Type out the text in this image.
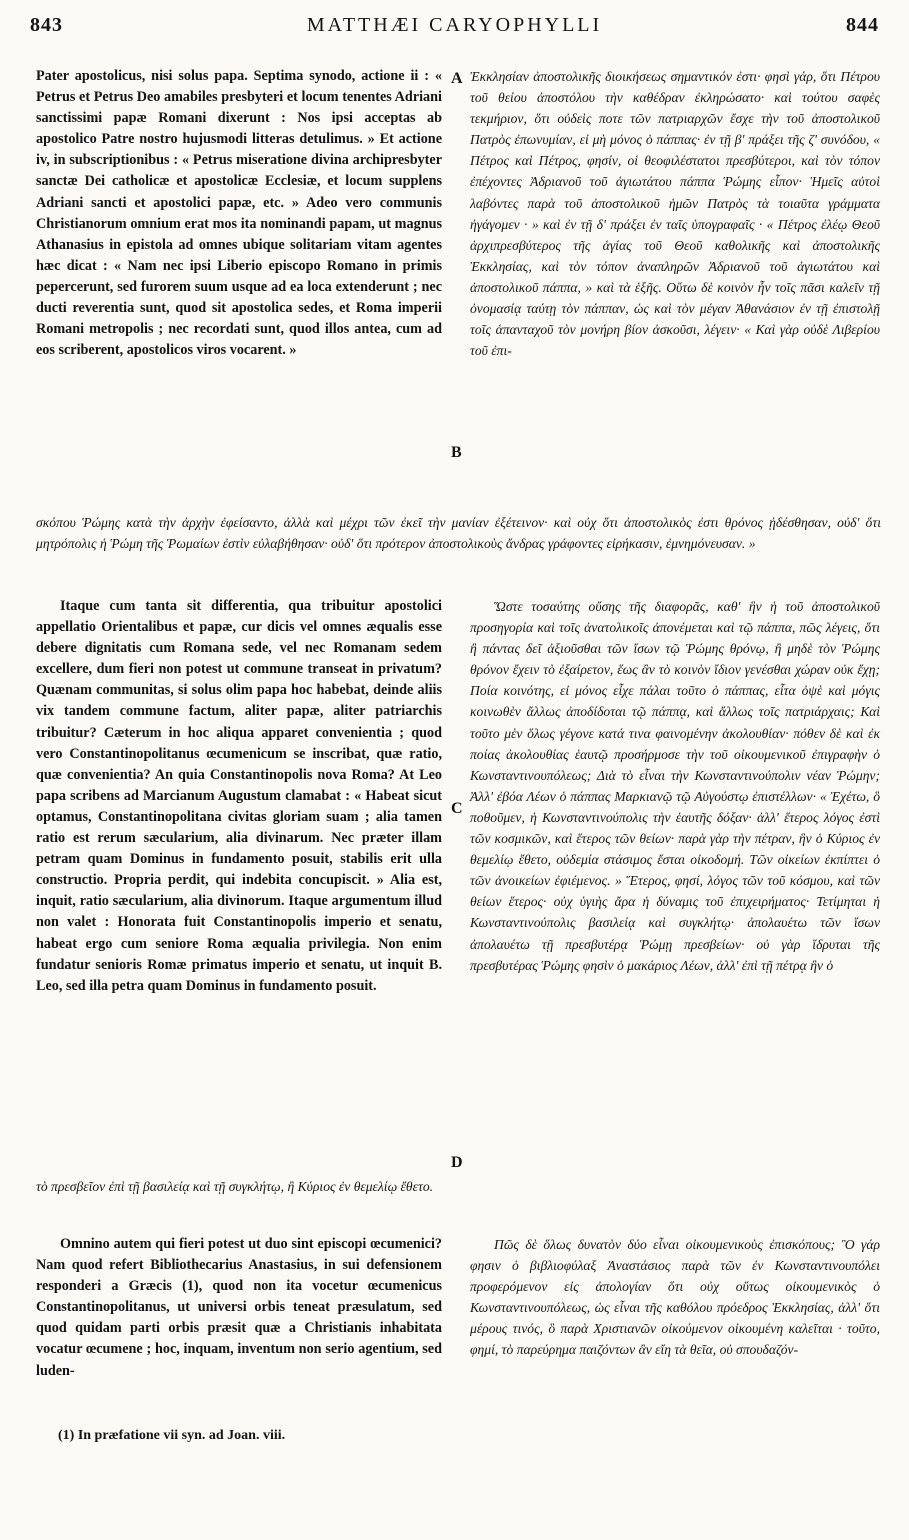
843	MATTHÆI CARYOPHYLLI	844
A
B
C
D

Pater apostolicus, nisi solus papa. Septima synodo, actione ii : « Petrus et Petrus Deo amabiles presbyteri et locum tenentes Adriani sanctissimi papæ Romani dixerunt : Nos ipsi acceptas ab apostolico Patre nostro hujusmodi litteras detulimus. » Et actione iv, in subscriptionibus : « Petrus miseratione divina archipresbyter sanctæ Dei catholicæ et apostolicæ Ecclesiæ, et locum supplens Adriani sancti et apostolici papæ, etc. » Adeo vero communis Christianorum omnium erat mos ita nominandi papam, ut magnus Athanasius in epistola ad omnes ubique solitariam vitam agentes hæc dicat : « Nam nec ipsi Liberio episcopo Romano in primis pepercerunt, sed furorem suum usque ad ea loca extenderunt ; nec ducti reverentia sunt, quod sit apostolica sedes, et Roma imperii Romani metropolis ; nec recordati sunt, quod illos antea, cum ad eos scriberent, apostolicos viros vocarent. »

Ἐκκλησίαν ἀποστολικῆς διοικήσεως σημαντικόν ἐστι· φησὶ γάρ, ὅτι Πέτρου τοῦ θείου ἀποστόλου τὴν καθέδραν ἐκληρώσατο· καὶ τούτου σαφὲς τεκμήριον, ὅτι οὐδεὶς ποτε τῶν πατριαρχῶν ἔσχε τὴν τοῦ ἀποστολικοῦ Πατρὸς ἐπωνυμίαν, εἰ μὴ μόνος ὁ πάππας· ἐν τῇ β' πράξει τῆς ζ' συνόδου, « Πέτρος καὶ Πέτρος, φησίν, οἱ θεοφιλέστατοι πρεσβύτεροι, καὶ τὸν τόπον ἐπέχοντες Ἀδριανοῦ τοῦ ἁγιωτάτου πάππα Ῥώμης εἶπον· Ἡμεῖς αὐτοὶ λαβόντες παρὰ τοῦ ἀποστολικοῦ ἡμῶν Πατρὸς τὰ τοιαῦτα γράμματα ἠγάγομεν · » καὶ ἐν τῇ δ' πράξει ἐν ταῖς ὑπογραφαῖς · « Πέτρος ἐλέῳ Θεοῦ ἀρχιπρεσβύτερος τῆς ἁγίας τοῦ Θεοῦ καθολικῆς καὶ ἀποστολικῆς Ἐκκλησίας, καὶ τὸν τόπον ἀναπληρῶν Ἀδριανοῦ τοῦ ἁγιωτάτου καὶ ἀποστολικοῦ πάππα, » καὶ τὰ ἑξῆς. Οὕτω δὲ κοινὸν ἦν τοῖς πᾶσι καλεῖν τῇ ὀνομασίᾳ ταύτῃ τὸν πάππαν, ὡς καὶ τὸν μέγαν Ἀθανάσιον ἐν τῇ ἐπιστολῇ τοῖς ἁπανταχοῦ τὸν μονήρη βίον ἀσκοῦσι, λέγειν· « Καὶ γὰρ οὐδὲ Λιβερίου τοῦ ἐπι-

σκόπου Ῥώμης κατὰ τὴν ἀρχὴν ἐφείσαντο, ἀλλὰ καὶ μέχρι τῶν ἐκεῖ τὴν μανίαν ἐξέτεινον· καὶ οὐχ ὅτι ἀποστολικὸς ἐστι θρόνος ᾐδέσθησαν, οὐδ' ὅτι μητρόπολις ἡ Ῥώμη τῆς Ῥωμαίων ἐστὶν εὐλαβήθησαν· οὐδ' ὅτι πρότερον ἀποστολικοὺς ἄνδρας γράφοντες εἰρήκασιν, ἐμνημόνευσαν. »

Itaque cum tanta sit differentia, qua tribuitur apostolici appellatio Orientalibus et papæ, cur dicis vel omnes æqualis esse debere dignitatis cum Romana sede, vel nec Romanam sedem excellere, dum fieri non potest ut commune transeat in privatum? Quænam communitas, si solus olim papa hoc habebat, deinde aliis vix tandem commune factum, aliter papæ, aliter patriarchis tribuitur? Cæterum in hoc aliqua apparet convenientia ; quod vero Constantinopolitanus œcumenicum se inscribat, quæ ratio, quæ convenientia? An quia Constantinopolis nova Roma? At Leo papa scribens ad Marcianum Augustum clamabat : « Habeat sicut optamus, Constantinopolitana civitas gloriam suam ; alia tamen ratio est rerum sæcularium, alia divinarum. Nec præter illam petram quam Dominus in fundamento posuit, stabilis erit ulla constructio. Propria perdit, qui indebita concupiscit. » Alia est, inquit, ratio sæcularium, alia divinorum. Itaque argumentum illud non valet : Honorata fuit Constantinopolis imperio et senatu, habeat ergo cum seniore Roma æqualia privilegia. Non enim fundatur senioris Romæ primatus imperio et senatu, ut inquit B. Leo, sed illa petra quam Dominus in fundamento posuit.

Ὥστε τοσαύτης οὔσης τῆς διαφορᾶς, καθ' ἣν ἡ τοῦ ἀποστολικοῦ προσηγορία καὶ τοῖς ἀνατολικοῖς ἀπονέμεται καὶ τῷ πάππα, πῶς λέγεις, ὅτι ἢ πάντας δεῖ ἀξιοῦσθαι τῶν ἴσων τῷ Ῥώμης θρόνῳ, ἢ μηδὲ τὸν Ῥώμης θρόνον ἔχειν τὸ ἐξαίρετον, ἕως ἂν τὸ κοινὸν ἴδιον γενέσθαι χώραν οὐκ ἔχῃ; Ποία κοινότης, εἰ μόνος εἶχε πάλαι τοῦτο ὁ πάππας, εἶτα ὀψὲ καὶ μόγις κοινωθὲν ἄλλως ἀποδίδοται τῷ πάππᾳ, καὶ ἄλλως τοῖς πατριάρχαις; Καὶ τοῦτο μὲν ὅλως γέγονε κατά τινα φαινομένην ἀκολουθίαν· πόθεν δὲ καὶ ἐκ ποίας ἀκολουθίας ἑαυτῷ προσήρμοσε τὴν τοῦ οἰκουμενικοῦ ἐπιγραφὴν ὁ Κωνσταντινουπόλεως; Διὰ τὸ εἶναι τὴν Κωνσταντινούπολιν νέαν Ῥώμην; Ἀλλ' ἐβόα Λέων ὁ πάππας Μαρκιανῷ τῷ Αὐγούστῳ ἐπιστέλλων· « Ἐχέτω, ὃ ποθοῦμεν, ἡ Κωνσταντινούπολις τὴν ἑαυτῆς δόξαν· ἀλλ' ἕτερος λόγος ἐστὶ τῶν κοσμικῶν, καὶ ἕτερος τῶν θείων· παρὰ γὰρ τὴν πέτραν, ἣν ὁ Κύριος ἐν θεμελίῳ ἔθετο, οὐδεμία στάσιμος ἔσται οἰκοδομή. Τῶν οἰκείων ἐκπίπτει ὁ τῶν ἀνοικείων ἐφιέμενος. » Ἕτερος, φησί, λόγος τῶν τοῦ κόσμου, καὶ τῶν θείων ἕτερος· οὐχ ὑγιὴς ἄρα ἡ δύναμις τοῦ ἐπιχειρήματος· Τετίμηται ἡ Κωνσταντινούπολις βασιλείᾳ καὶ συγκλήτῳ· ἀπολαυέτω τῶν ἴσων ἀπολαυέτω τῇ πρεσβυτέρᾳ Ῥώμῃ πρεσβείων· οὐ γὰρ ἵδρυται τῆς πρεσβυτέρας Ῥώμης φησὶν ὁ μακάριος Λέων, ἀλλ' ἐπὶ τῇ πέτρᾳ ἣν ὁ

τὸ πρεσβεῖον ἐπὶ τῇ βασιλείᾳ καὶ τῇ συγκλήτῳ, ἢ Κύριος ἐν θεμελίῳ ἔθετο.

Omnino autem qui fieri potest ut duo sint episcopi œcumenici? Nam quod refert Bibliothecarius Anastasius, in sui defensionem responderi a Græcis (1), quod non ita vocetur œcumenicus Constantinopolitanus, ut universi orbis teneat præsulatum, sed quod quidam parti orbis præsit quæ a Christianis inhabitata vocatur œcumene ; hoc, inquam, inventum non serio agentium, sed luden-

Πῶς δὲ ὅλως δυνατὸν δύο εἶναι οἰκουμενικοὺς ἐπισκόπους; Ὃ γάρ φησιν ὁ βιβλιοφύλαξ Ἀναστάσιος παρὰ τῶν ἐν Κωνσταντινουπόλει προφερόμενον εἰς ἀπολογίαν ὅτι οὐχ οὕτως οἰκουμενικὸς ὁ Κωνσταντινουπόλεως, ὡς εἶναι τῆς καθόλου πρόεδρος Ἐκκλησίας, ἀλλ' ὅτι μέρους τινός, ὃ παρὰ Χριστιανῶν οἰκούμενον οἰκουμένη καλεῖται · τοῦτο, φημί, τὸ παρεύρημα παιζόντων ἂν εἴη τὰ θεῖα, οὐ σπουδαζόν-

(1) In præfatione vii syn. ad Joan. viii.
